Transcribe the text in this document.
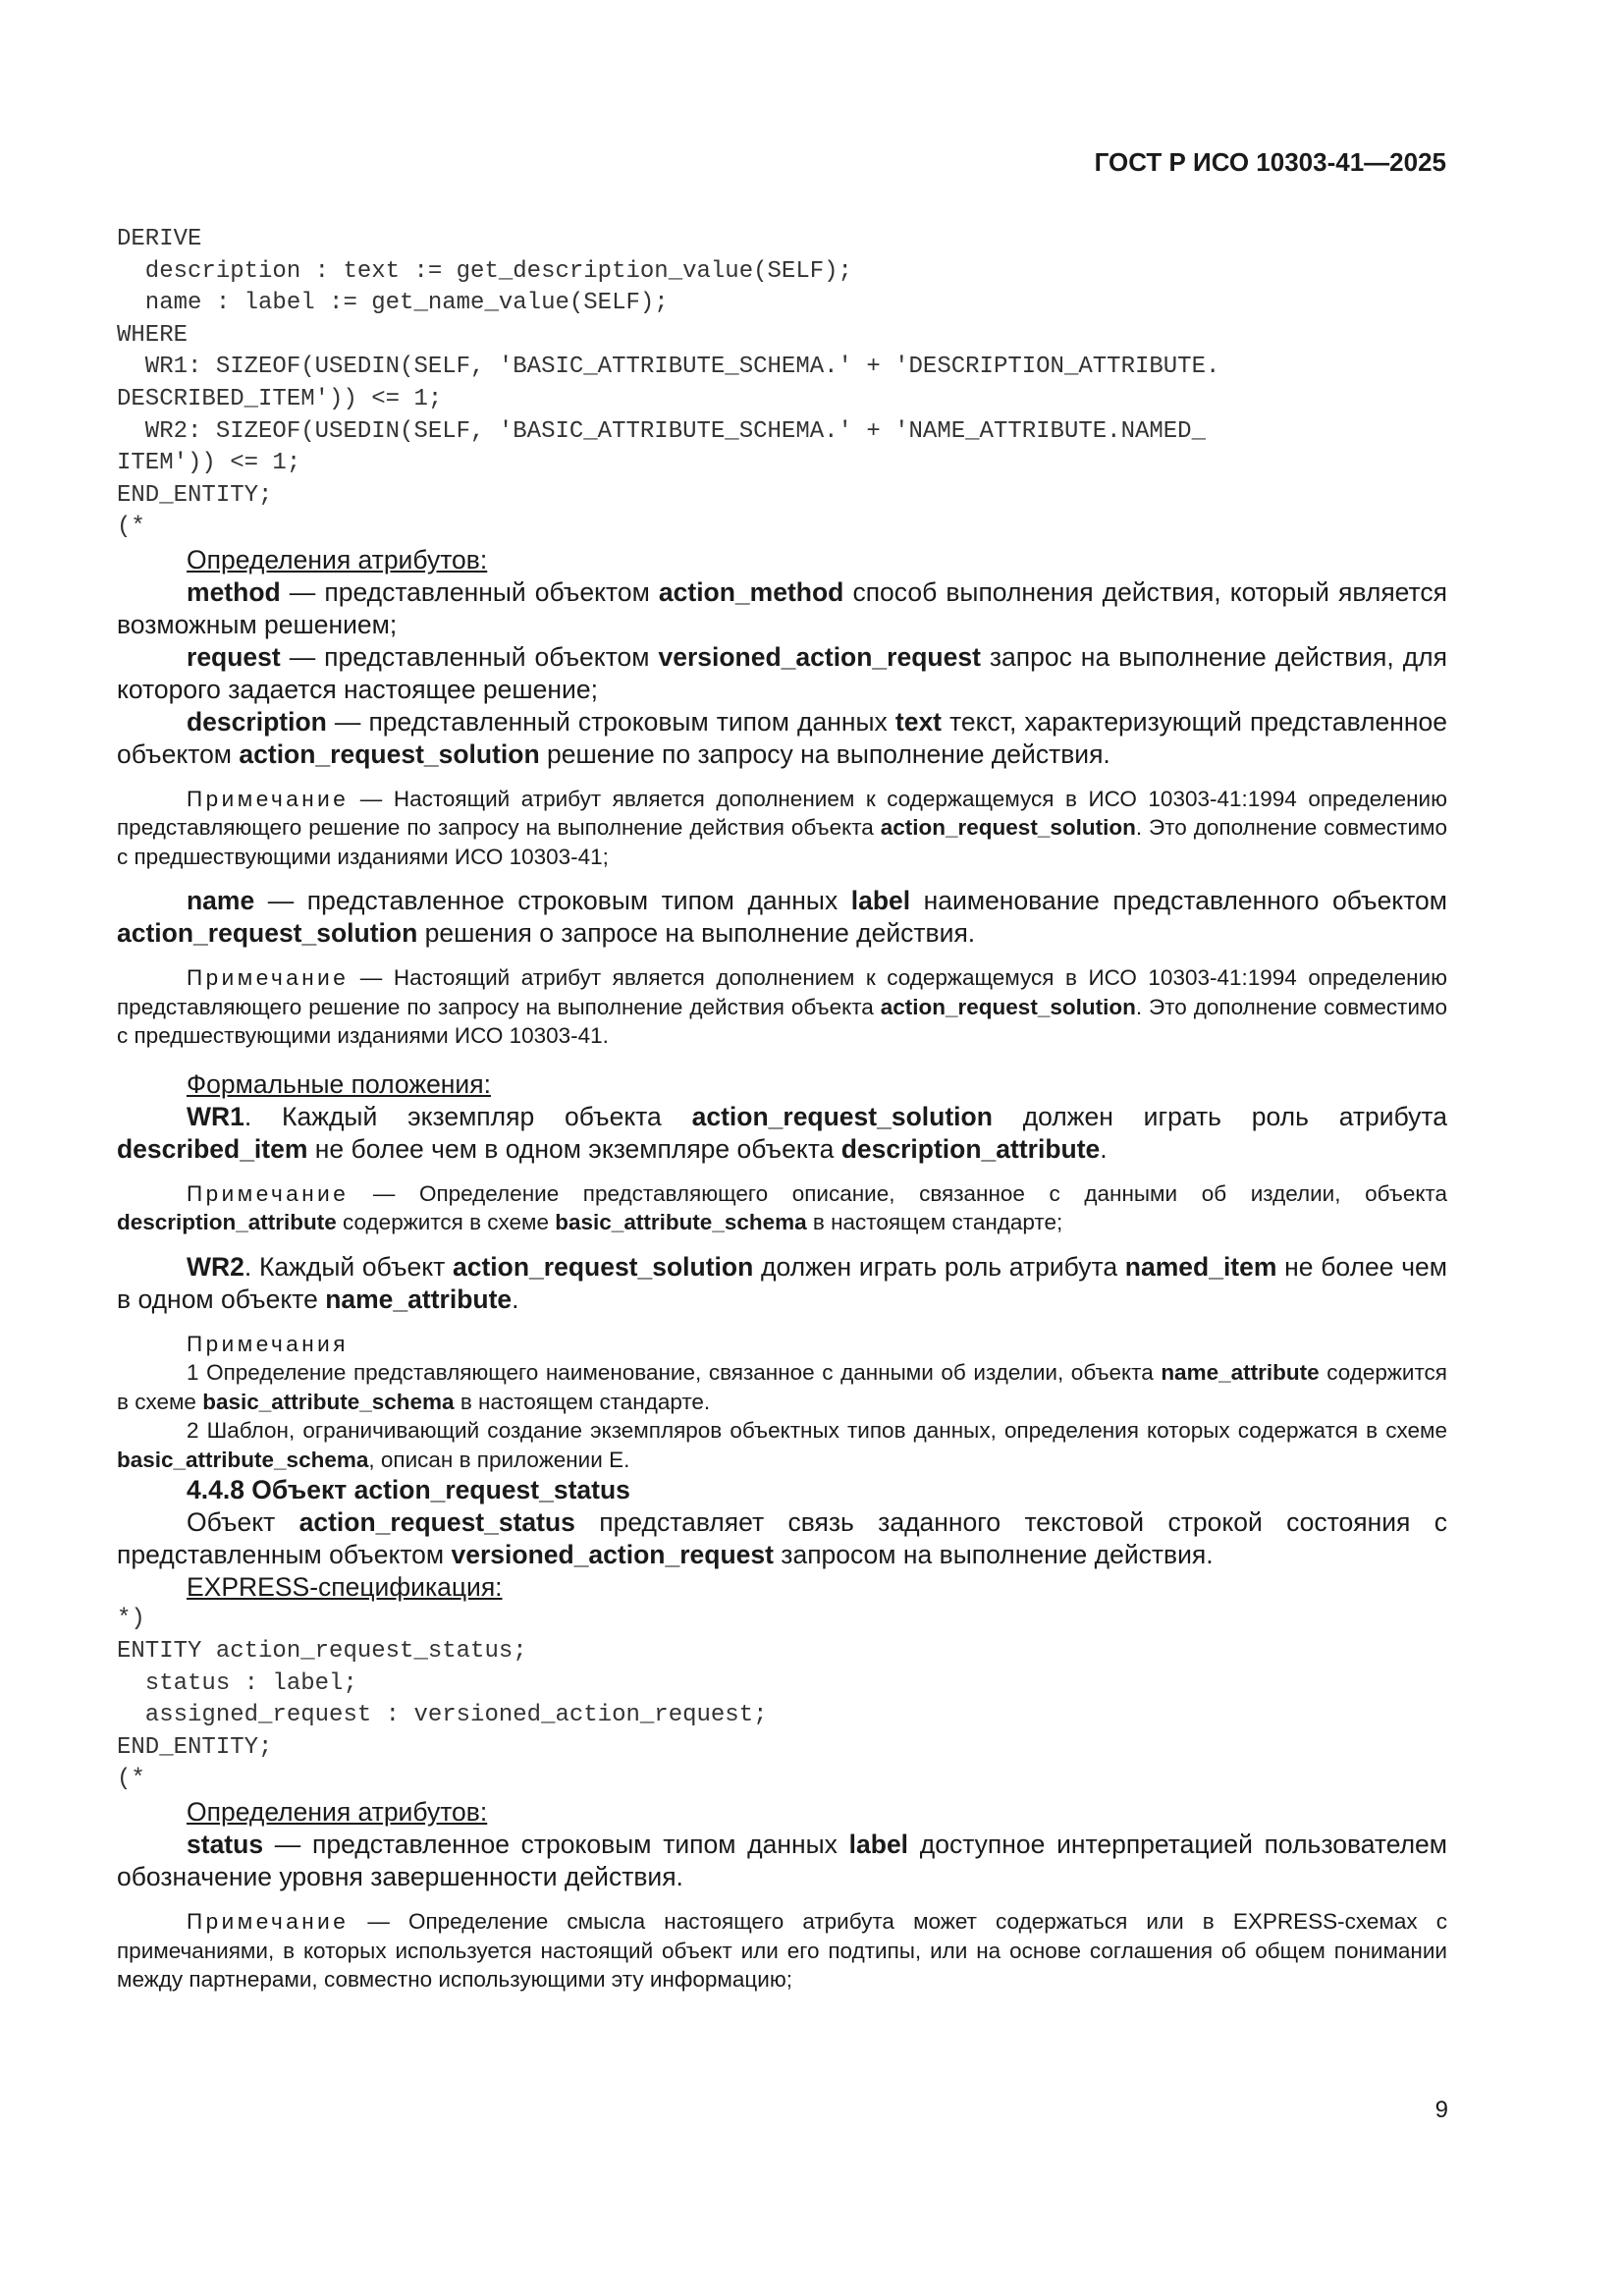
ГОСТ Р ИСО 10303-41—2025
DERIVE
description : text := get_description_value(SELF);
name : label := get_name_value(SELF);
WHERE
WR1: SIZEOF(USEDIN(SELF, 'BASIC_ATTRIBUTE_SCHEMA.' + 'DESCRIPTION_ATTRIBUTE.
DESCRIBED_ITEM')) <= 1;
WR2: SIZEOF(USEDIN(SELF, 'BASIC_ATTRIBUTE_SCHEMA.' + 'NAME_ATTRIBUTE.NAMED_
ITEM')) <= 1;
END_ENTITY;
(*

Определения атрибутов:

method — представленный объектом action_method способ выполнения действия, который является возможным решением;

request — представленный объектом versioned_action_request запрос на выполнение действия, для которого задается настоящее решение;

description — представленный строковым типом данных text текст, характеризующий представленное объектом action_request_solution решение по запросу на выполнение действия.

Примечание — Настоящий атрибут является дополнением к содержащемуся в ИСО 10303-41:1994 определению представляющего решение по запросу на выполнение действия объекта action_request_solution. Это дополнение совместимо с предшествующими изданиями ИСО 10303-41;

name — представленное строковым типом данных label наименование представленного объектом action_request_solution решения о запросе на выполнение действия.

Примечание — Настоящий атрибут является дополнением к содержащемуся в ИСО 10303-41:1994 определению представляющего решение по запросу на выполнение действия объекта action_request_solution. Это дополнение совместимо с предшествующими изданиями ИСО 10303-41.

Формальные положения:

WR1. Каждый экземпляр объекта action_request_solution должен играть роль атрибута described_item не более чем в одном экземпляре объекта description_attribute.

Примечание — Определение представляющего описание, связанное с данными об изделии, объекта description_attribute содержится в схеме basic_attribute_schema в настоящем стандарте;

WR2. Каждый объект action_request_solution должен играть роль атрибута named_item не более чем в одном объекте name_attribute.

Примечания

1 Определение представляющего наименование, связанное с данными об изделии, объекта name_attribute содержится в схеме basic_attribute_schema в настоящем стандарте.

2 Шаблон, ограничивающий создание экземпляров объектных типов данных, определения которых содержатся в схеме basic_attribute_schema, описан в приложении Е.

4.4.8 Объект action_request_status

Объект action_request_status представляет связь заданного текстовой строкой состояния с представленным объектом versioned_action_request запросом на выполнение действия.

EXPRESS-спецификация:

*)
ENTITY action_request_status;
status : label;
assigned_request : versioned_action_request;
END_ENTITY;
(*

Определения атрибутов:

status — представленное строковым типом данных label доступное интерпретацией пользователем обозначение уровня завершенности действия.

Примечание — Определение смысла настоящего атрибута может содержаться или в EXPRESS-схемах с примечаниями, в которых используется настоящий объект или его подтипы, или на основе соглашения об общем понимании между партнерами, совместно использующими эту информацию;

9
